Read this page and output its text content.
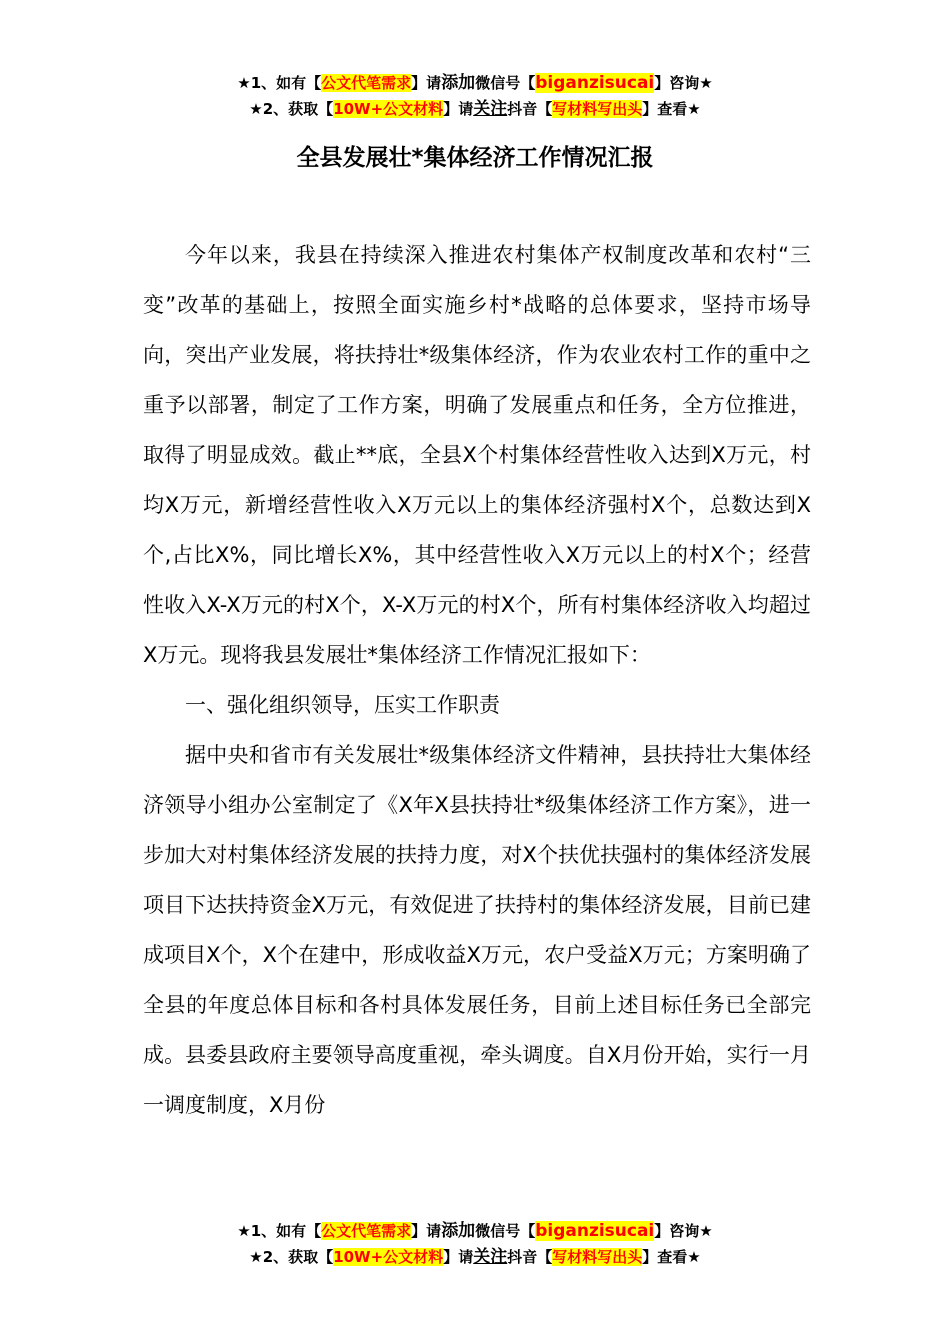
★1、如有【公文代笔需求】请添加微信号【biganzisucai】咨询★
★2、获取【10W+公文材料】请关注抖音【写材料写出头】查看★
全县发展壮*集体经济工作情况汇报

今年以来，我县在持续深入推进农村集体产权制度改革和农村“三变”改革的基础上，按照全面实施乡村*战略的总体要求，坚持市场导向，突出产业发展，将扶持壮*级集体经济，作为农业农村工作的重中之重予以部署，制定了工作方案，明确了发展重点和任务，全方位推进，取得了明显成效。截止**底，全县X个村集体经营性收入达到X万元，村均X万元，新增经营性收入X万元以上的集体经济强村X个，总数达到X个,占比X%，同比增长X%，其中经营性收入X万元以上的村X个；经营性收入X-X万元的村X个，X-X万元的村X个，所有村集体经济收入均超过X万元。现将我县发展壮*集体经济工作情况汇报如下：

一、强化组织领导，压实工作职责

据中央和省市有关发展壮*级集体经济文件精神，县扶持壮大集体经济领导小组办公室制定了《X年X县扶持壮*级集体经济工作方案》，进一步加大对村集体经济发展的扶持力度，对X个扶优扶强村的集体经济发展项目下达扶持资金X万元，有效促进了扶持村的集体经济发展，目前已建成项目X个，X个在建中，形成收益X万元，农户受益X万元；方案明确了全县的年度总体目标和各村具体发展任务，目前上述目标任务已全部完成。县委县政府主要领导高度重视，牵头调度。自X月份开始，实行一月一调度制度，X月份

★1、如有【公文代笔需求】请添加微信号【biganzisucai】咨询★
★2、获取【10W+公文材料】请关注抖音【写材料写出头】查看★
